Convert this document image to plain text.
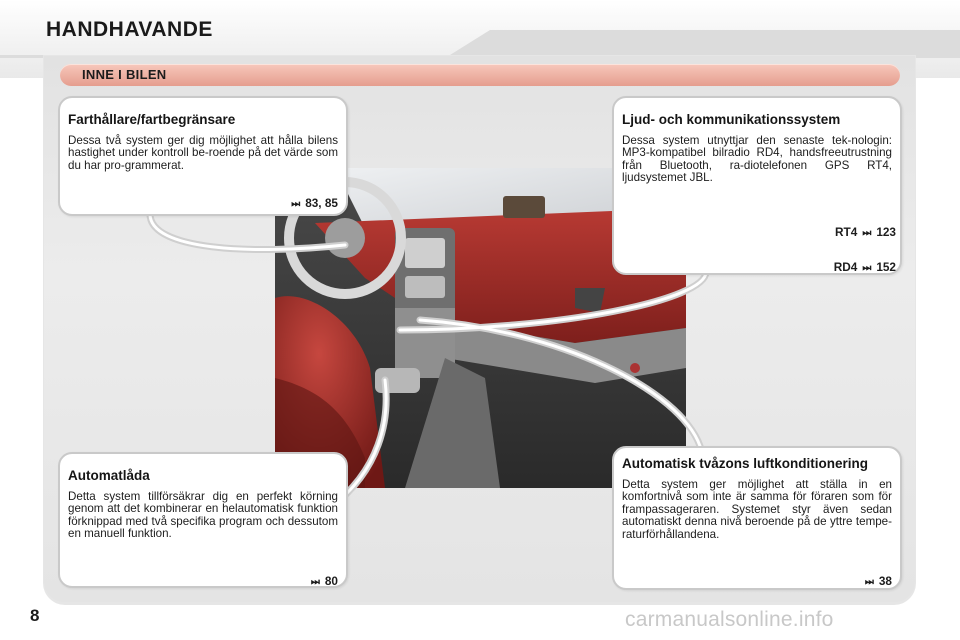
HANDHAVANDE
INNE I BILEN
Farthållare/fartbegränsare

Dessa två system ger dig möjlighet att hålla bilens hastighet under kontroll be-roende på det värde som du har pro-grammerat.

⏭ 83, 85
Ljud- och kommunikationssystem

Dessa system utnyttjar den senaste tek-nologin: MP3-kompatibel bilradio RD4, handsfreeutrustning från Bluetooth, ra-diotelefonen GPS RT4, ljudsystemet JBL.

RT4 ⏭ 123
RD4 ⏭ 152
Automatlåda

Detta system tillförsäkrar dig en perfekt körning genom att det kombinerar en helautomatisk funktion förknippad med två specifika program och dessutom en manuell funktion.

⏭ 80
Automatisk tvåzons luftkonditionering

Detta system ger möjlighet att ställa in en komfortnivå som inte är samma för föraren som för frampassageraren. Systemet styr även sedan automatiskt denna nivå beroende på de yttre tempe-raturförhållandena.

⏭ 38
8	carmanualsonline.info
